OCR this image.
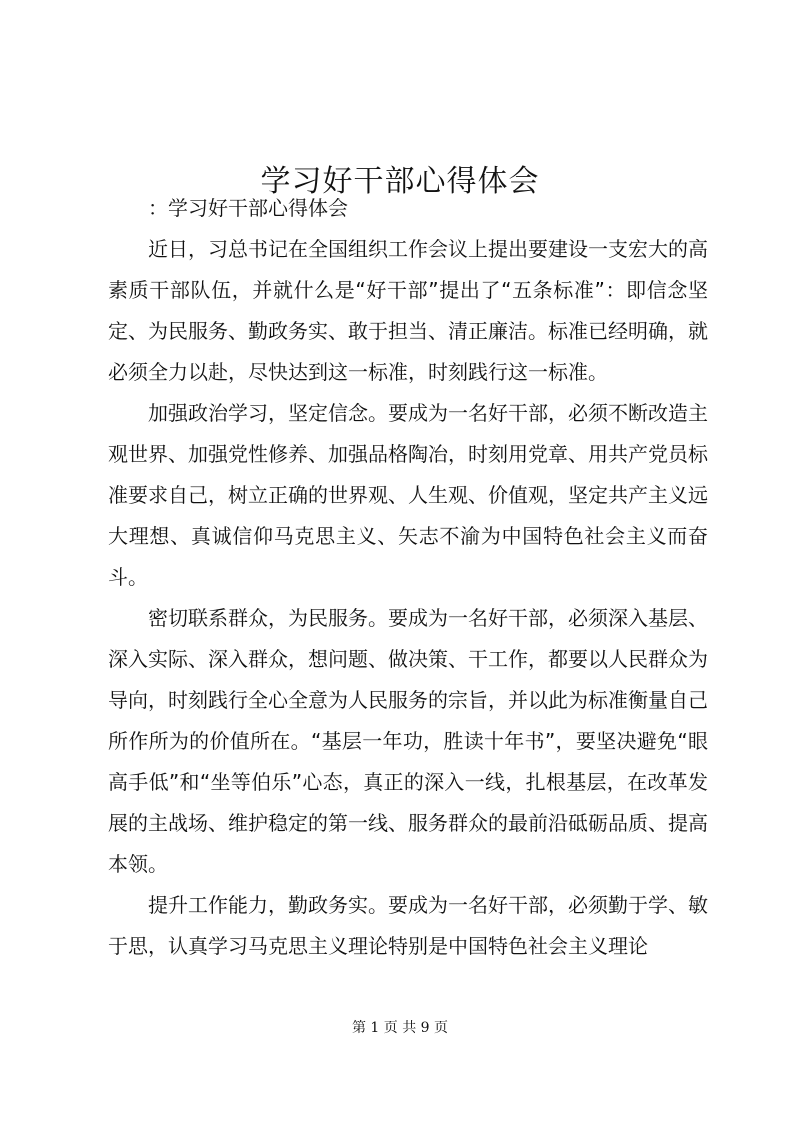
学习好干部心得体会

：学习好干部心得体会

近日，习总书记在全国组织工作会议上提出要建设一支宏大的高素质干部队伍，并就什么是“好干部”提出了“五条标准”：即信念坚定、为民服务、勤政务实、敢于担当、清正廉洁。标准已经明确，就必须全力以赴，尽快达到这一标准，时刻践行这一标准。

加强政治学习，坚定信念。要成为一名好干部，必须不断改造主观世界、加强党性修养、加强品格陶冶，时刻用党章、用共产党员标准要求自己，树立正确的世界观、人生观、价值观，坚定共产主义远大理想、真诚信仰马克思主义、矢志不渝为中国特色社会主义而奋斗。

密切联系群众，为民服务。要成为一名好干部，必须深入基层、深入实际、深入群众，想问题、做决策、干工作，都要以人民群众为导向，时刻践行全心全意为人民服务的宗旨，并以此为标准衡量自己所作所为的价值所在。“基层一年功，胜读十年书”，要坚决避免“眼高手低”和“坐等伯乐”心态，真正的深入一线，扎根基层，在改革发展的主战场、维护稳定的第一线、服务群众的最前沿砥砺品质、提高本领。

提升工作能力，勤政务实。要成为一名好干部，必须勤于学、敏于思，认真学习马克思主义理论特别是中国特色社会主义理论

第 1 页 共 9 页
